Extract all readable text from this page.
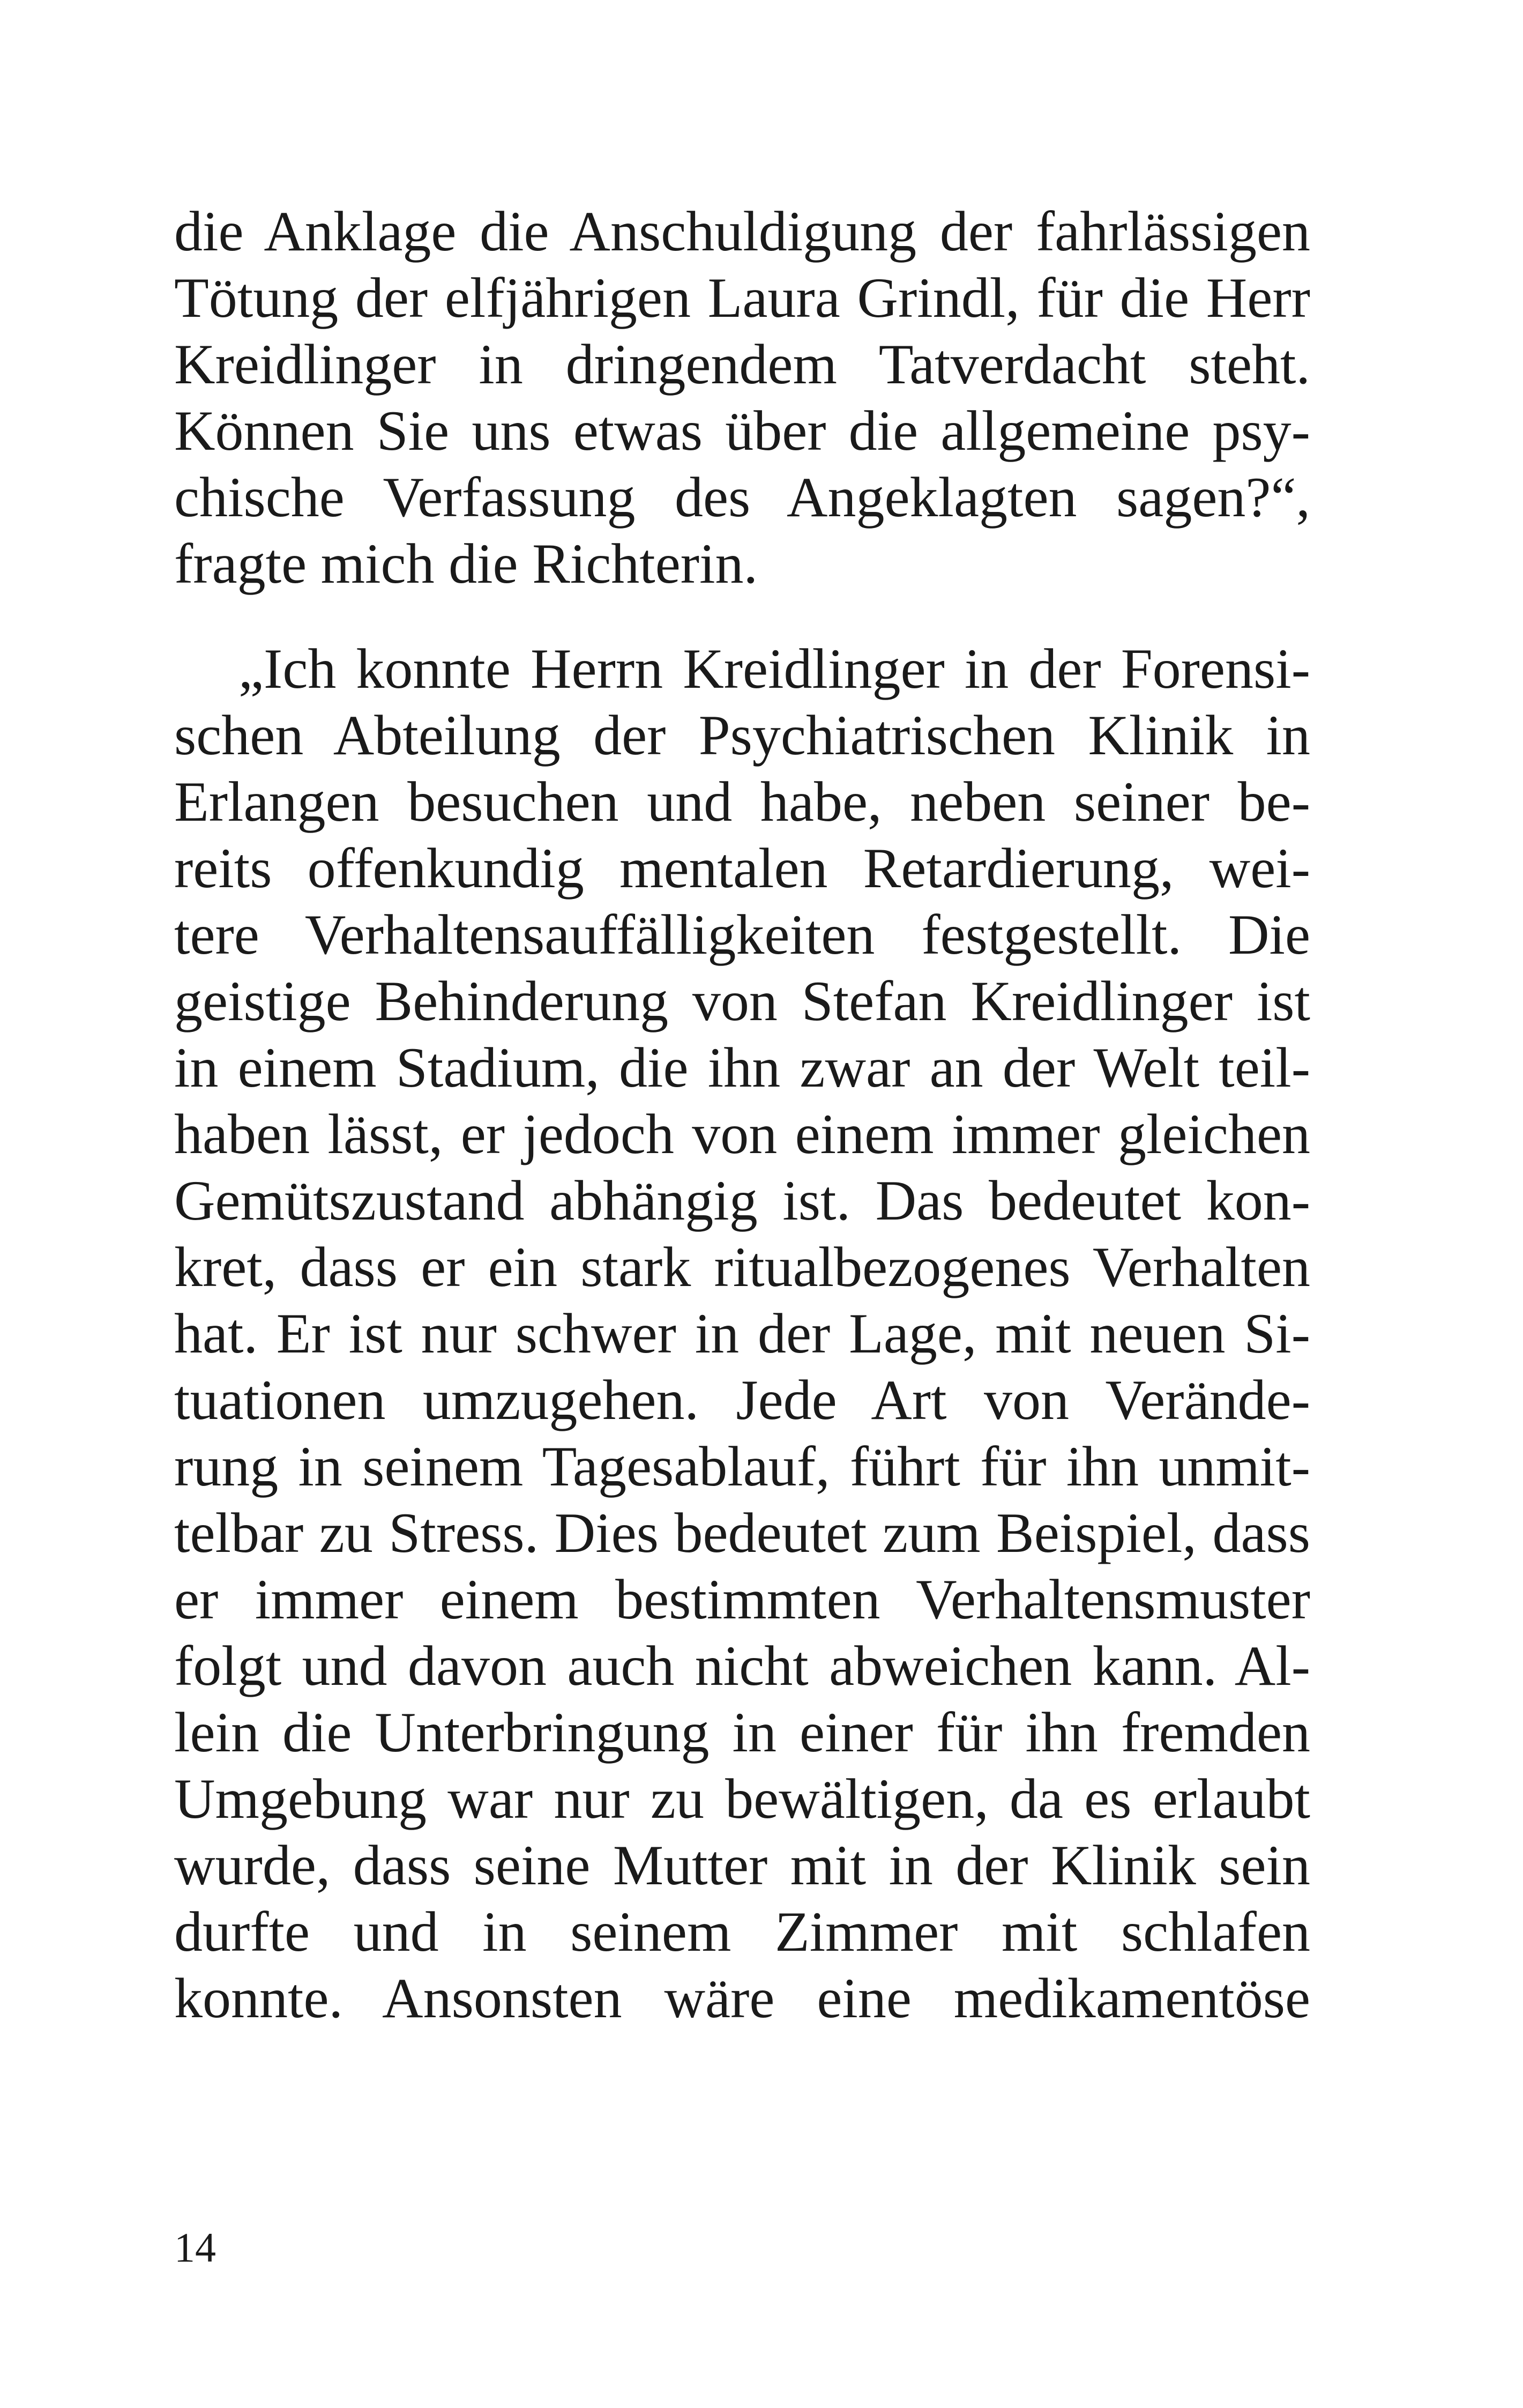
die Anklage die Anschuldigung der fahrlässigen
Tötung der elfjährigen Laura Grindl, für die Herr
Kreidlinger in dringendem Tatverdacht steht.
Können Sie uns etwas über die allgemeine psy-
chische Verfassung des Angeklagten sagen?“,
fragte mich die Richterin.

„Ich konnte Herrn Kreidlinger in der Forensi-
schen Abteilung der Psychiatrischen Klinik in
Erlangen besuchen und habe, neben seiner be-
reits offenkundig mentalen Retardierung, wei-
tere Verhaltensauffälligkeiten festgestellt. Die
geistige Behinderung von Stefan Kreidlinger ist
in einem Stadium, die ihn zwar an der Welt teil-
haben lässt, er jedoch von einem immer gleichen
Gemütszustand abhängig ist. Das bedeutet kon-
kret, dass er ein stark ritualbezogenes Verhalten
hat. Er ist nur schwer in der Lage, mit neuen Si-
tuationen umzugehen. Jede Art von Verände-
rung in seinem Tagesablauf, führt für ihn unmit-
telbar zu Stress. Dies bedeutet zum Beispiel, dass
er immer einem bestimmten Verhaltensmuster
folgt und davon auch nicht abweichen kann. Al-
lein die Unterbringung in einer für ihn fremden
Umgebung war nur zu bewältigen, da es erlaubt
wurde, dass seine Mutter mit in der Klinik sein
durfte und in seinem Zimmer mit schlafen
konnte. Ansonsten wäre eine medikamentöse

14
